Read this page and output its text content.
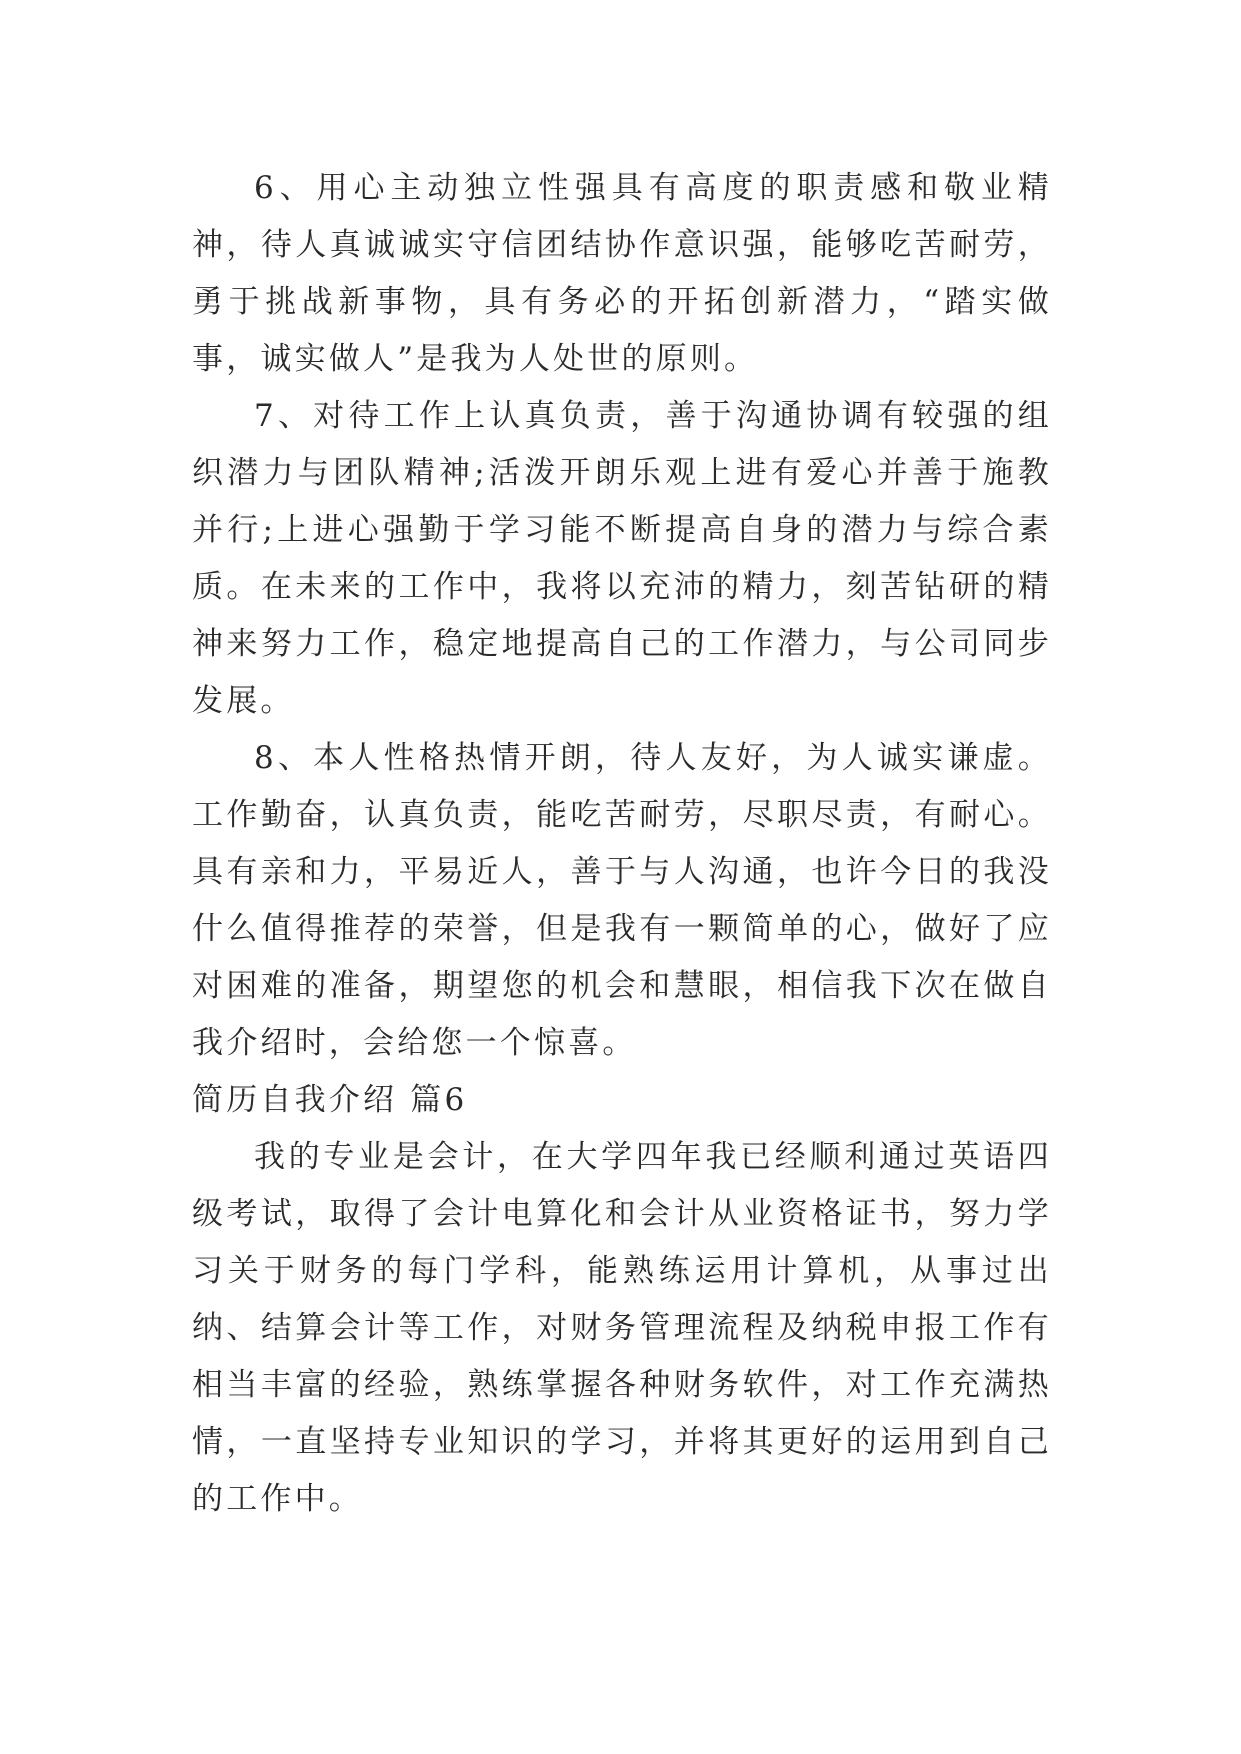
6、用心主动独立性强具有高度的职责感和敬业精神，待人真诚诚实守信团结协作意识强，能够吃苦耐劳，勇于挑战新事物，具有务必的开拓创新潜力，“踏实做事，诚实做人”是我为人处世的原则。

7、对待工作上认真负责，善于沟通协调有较强的组织潜力与团队精神;活泼开朗乐观上进有爱心并善于施教并行;上进心强勤于学习能不断提高自身的潜力与综合素质。在未来的工作中，我将以充沛的精力，刻苦钻研的精神来努力工作，稳定地提高自己的工作潜力，与公司同步发展。

8、本人性格热情开朗，待人友好，为人诚实谦虚。工作勤奋，认真负责，能吃苦耐劳，尽职尽责，有耐心。具有亲和力，平易近人，善于与人沟通，也许今日的我没什么值得推荐的荣誉，但是我有一颗简单的心，做好了应对困难的准备，期望您的机会和慧眼，相信我下次在做自我介绍时，会给您一个惊喜。

简历自我介绍 篇6

我的专业是会计，在大学四年我已经顺利通过英语四级考试，取得了会计电算化和会计从业资格证书，努力学习关于财务的每门学科，能熟练运用计算机，从事过出纳、结算会计等工作，对财务管理流程及纳税申报工作有相当丰富的经验，熟练掌握各种财务软件，对工作充满热情，一直坚持专业知识的学习，并将其更好的运用到自己的工作中。
